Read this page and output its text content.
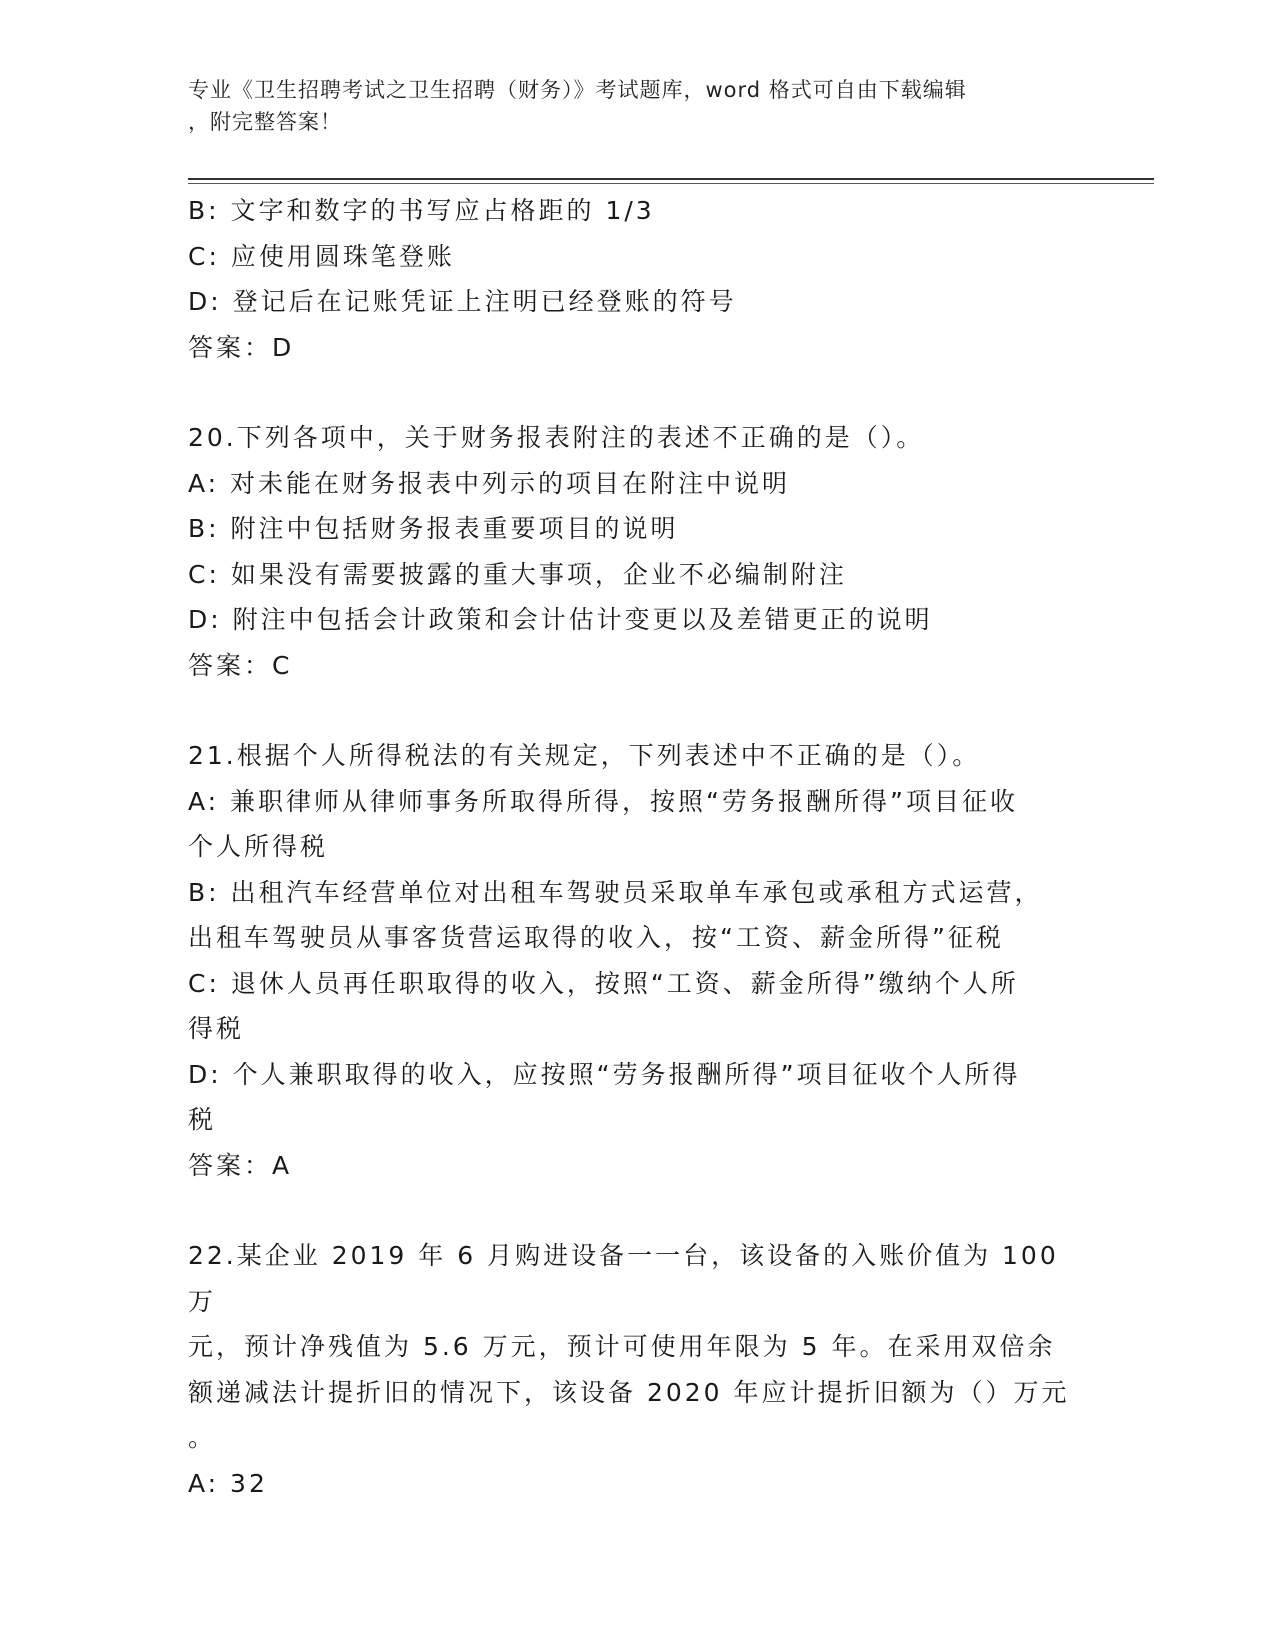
专业《卫生招聘考试之卫生招聘（财务）》考试题库，word 格式可自由下载编辑
，附完整答案！

B: 文字和数字的书写应占格距的 1/3

C: 应使用圆珠笔登账

D: 登记后在记账凭证上注明已经登账的符号

答案：D

20.下列各项中，关于财务报表附注的表述不正确的是（）。

A: 对未能在财务报表中列示的项目在附注中说明

B: 附注中包括财务报表重要项目的说明

C: 如果没有需要披露的重大事项，企业不必编制附注

D: 附注中包括会计政策和会计估计变更以及差错更正的说明

答案：C

21.根据个人所得税法的有关规定，下列表述中不正确的是（）。

A: 兼职律师从律师事务所取得所得，按照“劳务报酬所得”项目征收

个人所得税

B: 出租汽车经营单位对出租车驾驶员采取单车承包或承租方式运营，

出租车驾驶员从事客货营运取得的收入，按“工资、薪金所得”征税

C: 退休人员再任职取得的收入，按照“工资、薪金所得”缴纳个人所

得税

D: 个人兼职取得的收入，应按照“劳务报酬所得”项目征收个人所得

税

答案：A

22.某企业 2019 年 6 月购进设备一一台，该设备的入账价值为 100 万

元，预计净残值为 5.6 万元，预计可使用年限为 5 年。在采用双倍余

额递减法计提折旧的情况下，该设备 2020 年应计提折旧额为（）万元

。

A: 32
